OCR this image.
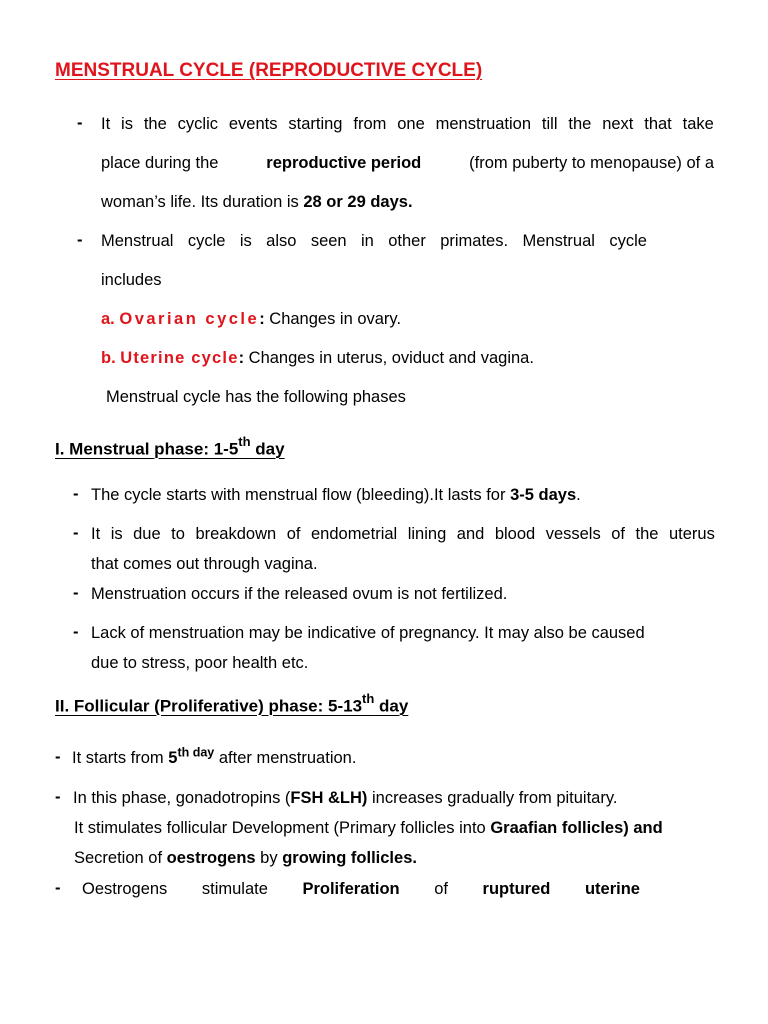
MENSTRUAL CYCLE (REPRODUCTIVE CYCLE)
- It is the cyclic events starting from one menstruation till the next that take
place during the	reproductive period	(from puberty to menopause) of a
woman’s life. Its duration is 28 or 29 days.
- Menstrual cycle is also seen in other primates. Menstrual cycle
includes
a. Ovarian cycle: Changes in ovary.
b. Uterine cycle: Changes in uterus, oviduct and vagina.
Menstrual cycle has the following phases
I. Menstrual phase: 1-5th day
- The cycle starts with menstrual flow (bleeding).It lasts for 3-5 days.
- It is due to breakdown of endometrial lining and blood vessels of the uterus
that comes out through vagina.
- Menstruation occurs if the released ovum is not fertilized.
- Lack of menstruation may be indicative of pregnancy. It may also be caused
due to stress, poor health etc.
II. Follicular (Proliferative) phase: 5-13th day
- It starts from $5^{th day}$ after menstruation.
- In this phase, gonadotropins (FSH &LH) increases gradually from pituitary.
It stimulates follicular Development (Primary follicles into Graafian follicles) and
Secretion of oestrogens by growing follicles.
- Oestrogens stimulate Proliferation of ruptured uterine
